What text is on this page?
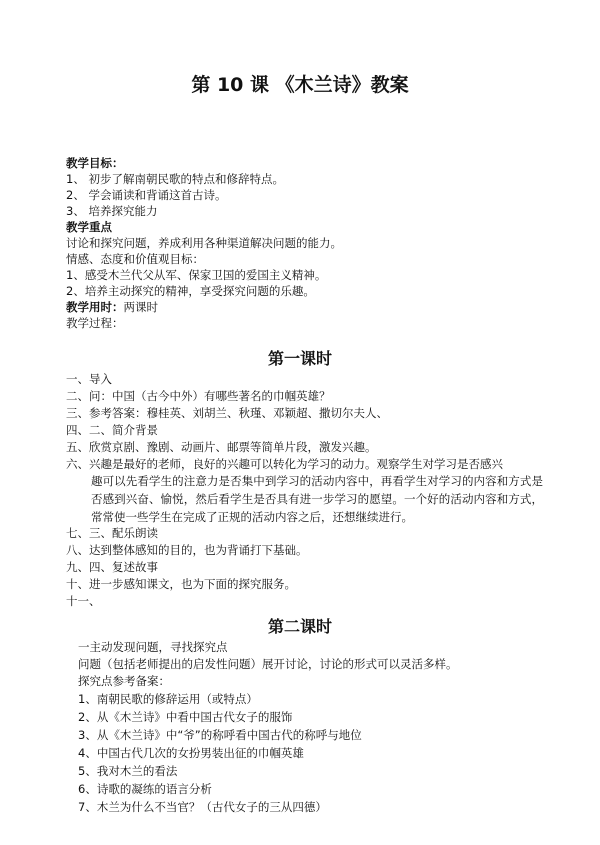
第 10 课 《木兰诗》教案
教学目标：
1、 初步了解南朝民歌的特点和修辞特点。
2、 学会诵读和背诵这首古诗。
3、 培养探究能力
教学重点
讨论和探究问题，养成利用各种渠道解决问题的能力。
情感、态度和价值观目标：
1、感受木兰代父从军、保家卫国的爱国主义精神。
2、培养主动探究的精神，享受探究问题的乐趣。
教学用时：两课时
教学过程：
第一课时
一、导入
二、问：中国（古今中外）有哪些著名的巾帼英雄？
三、参考答案：穆桂英、刘胡兰、秋瑾、邓颖超、撒切尔夫人、
四、二、简介背景
五、欣赏京剧、豫剧、动画片、邮票等简单片段，激发兴趣。
六、兴趣是最好的老师，良好的兴趣可以转化为学习的动力。观察学生对学习是否感兴
趣可以先看学生的注意力是否集中到学习的活动内容中，再看学生对学习的内容和方式是否感到兴奋、愉悦，然后看学生是否具有进一步学习的愿望。一个好的活动内容和方式，常常使一些学生在完成了正规的活动内容之后，还想继续进行。
七、三、配乐朗读
八、达到整体感知的目的，也为背诵打下基础。
九、四、复述故事
十、进一步感知课文，也为下面的探究服务。
十一、
第二课时
一主动发现问题，寻找探究点
问题（包括老师提出的启发性问题）展开讨论，讨论的形式可以灵活多样。
探究点参考备案：
1、南朝民歌的修辞运用（或特点）
2、从《木兰诗》中看中国古代女子的服饰
3、从《木兰诗》中“爷”的称呼看中国古代的称呼与地位
4、中国古代几次的女扮男装出征的巾帼英雄
5、我对木兰的看法
6、诗歌的凝练的语言分析
7、木兰为什么不当官？（古代女子的三从四德）
